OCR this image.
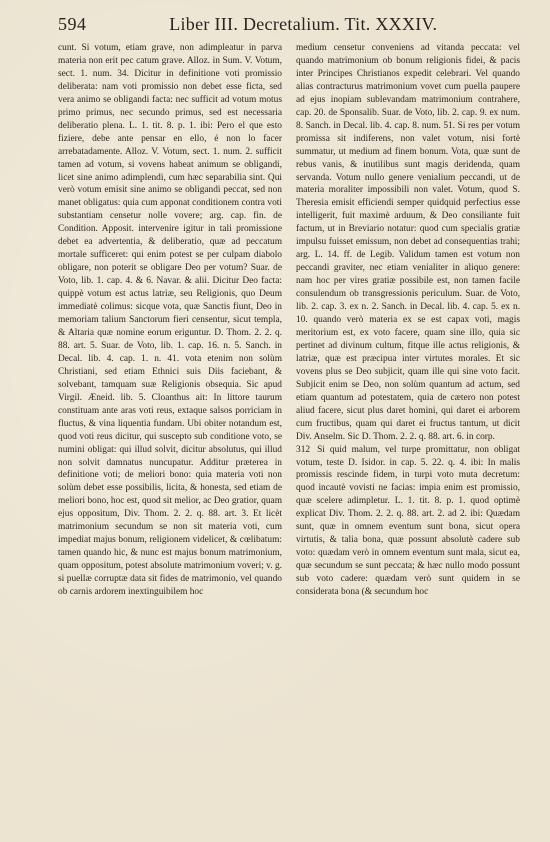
594	Liber III. Decretalium. Tit. XXXIV.

cunt. Si votum, etiam grave, non adimpleatur in parva materia non erit pec catum grave. Alloz. in Sum. V. Votum, sect. 1. num. 34. Dicitur in definitione voti promissio deliberata: nam voti promissio non debet esse ficta, sed vera animo se obligandi facta: nec sufficit ad votum motus primo primus, nec secundo primus, sed est necessaria deliberatio plena. L. 1. tit. 8. p. 1. ibi: Pero el que esto fiziere, debe ante pensar en ello, é non lo facer arrebatadamente. Alloz. V. Votum, sect. 1. num. 2. sufficit tamen ad votum, si vovens habeat animum se obligandi, licet sine animo adimplendi, cum hæc separabilia sint. Qui verò votum emisit sine animo se obligandi peccat, sed non manet obligatus: quia cum apponat conditionem contra voti substantiam censetur nolle vovere; arg. cap. fin. de Condition. Apposit. intervenire igitur in tali promissione debet ea advertentia, & deliberatio, quæ ad peccatum mortale sufficeret: qui enim potest se per culpam diabolo obligare, non poterit se obligare Deo per votum? Suar. de Voto, lib. 1. cap. 4. & 6. Navar. & alii. Dicitur Deo facta: quippè votum est actus latriæ, seu Religionis, quo Deum immediatè colimus: sicque vota, quæ Sanctis fiunt, Deo in memoriam talium Sanctorum fieri censentur, sicut templa, & Altaria quæ nomine eorum eriguntur. D. Thom. 2. 2. q. 88. art. 5. Suar. de Voto, lib. 1. cap. 16. n. 5. Sanch. in Decal. lib. 4. cap. 1. n. 41. vota etenim non solùm Christiani, sed etiam Ethnici suis Diis faciebant, & solvebant, tamquam suæ Religionis obsequia. Sic apud Virgil. Æneid. lib. 5. Cloanthus ait: In littore taurum constituam ante aras voti reus, extaque salsos porriciam in fluctus, & vina liquentia fundam. Ubi obiter notandum est, quod voti reus dicitur, qui suscepto sub conditione voto, se numini obligat: qui illud solvit, dicitur absolutus, qui illud non solvit damnatus nuncupatur. Additur præterea in definitione voti; de meliori bono: quia materia voti non solùm debet esse possibilis, licita, & honesta, sed etiam de meliori bono, hoc est, quod sit melior, ac Deo gratior, quam ejus oppositum, Div. Thom. 2. 2. q. 88. art. 3. Et licèt matrimonium secundum se non sit materia voti, cum impediat majus bonum, religionem videlicet, & cœlibatum: tamen quando hic, & nunc est majus bonum matrimonium, quam oppositum, potest absolute matrimonium voveri; v. g. si puellæ corruptæ data sit fides de matrimonio, vel quando ob carnis ardorem inextinguibilem hoc

medium censetur conveniens ad vitanda peccata: vel quando matrimonium ob bonum religionis fidei, & pacis inter Principes Christianos expedit celebrari. Vel quando alias contracturus matrimonium vovet cum puella paupere ad ejus inopiam sublevandam matrimonium contrahere, cap. 20. de Sponsalib. Suar. de Voto, lib. 2. cap. 9. ex num. 8. Sanch. in Decal. lib. 4. cap. 8. num. 51. Si res per votum promissa sit indiferens, non valet votum, nisi fortè summatur, ut medium ad finem bonum. Vota, quæ sunt de rebus vanis, & inutilibus sunt magis deridenda, quam servanda. Votum nullo genere venialium peccandi, ut de materia moraliter impossibili non valet. Votum, quod S. Theresia emisit efficiendi semper quidquid perfectius esse intelligerit, fuit maximè arduum, & Deo consiliante fuit factum, ut in Breviario notatur: quod cum specialis gratiæ impulsu fuisset emissum, non debet ad consequentias trahi; arg. L. 14. ff. de Legib. Validum tamen est votum non peccandi graviter, nec etiam venialiter in aliquo genere: nam hoc per vires gratiæ possibile est, non tamen facile consulendum ob transgressionis periculum. Suar. de Voto, lib. 2. cap. 3. ex n. 2. Sanch. in Decal. lib. 4. cap. 5. ex n. 10. quando verò materia ex se est capax voti, magis meritorium est, ex voto facere, quam sine illo, quia sic pertinet ad divinum cultum, fitque ille actus religionis, & latriæ, quæ est præcipua inter virtutes morales. Et sic vovens plus se Deo subjicit, quam ille qui sine voto facit. Subjicit enim se Deo, non solùm quantum ad actum, sed etiam quantum ad potestatem, quia de cætero non potest aliud facere, sicut plus daret homini, qui daret ei arborem cum fructibus, quam qui daret ei fructus tantum, ut dicit Div. Anselm. Sic D. Thom. 2. 2. q. 88. art. 6. in corp.

312 Si quid malum, vel turpe promittatur, non obligat votum, teste D. Isidor. in cap. 5. 22. q. 4. ibi: In malis promissis rescinde fidem, in turpi voto muta decretum: quod incautè vovisti ne facias: impia enim est promissio, quæ scelere adimpletur. L. 1. tit. 8. p. 1. quod optimè explicat Div. Thom. 2. 2. q. 88. art. 2. ad 2. ibi: Quædam sunt, quæ in omnem eventum sunt bona, sicut opera virtutis, & talia bona, quæ possunt absolutè cadere sub voto: quædam verò in omnem eventum sunt mala, sicut ea, quæ secundum se sunt peccata; & hæc nullo modo possunt sub voto cadere: quædam verò sunt quidem in se considerata bona (& secundum hoc
